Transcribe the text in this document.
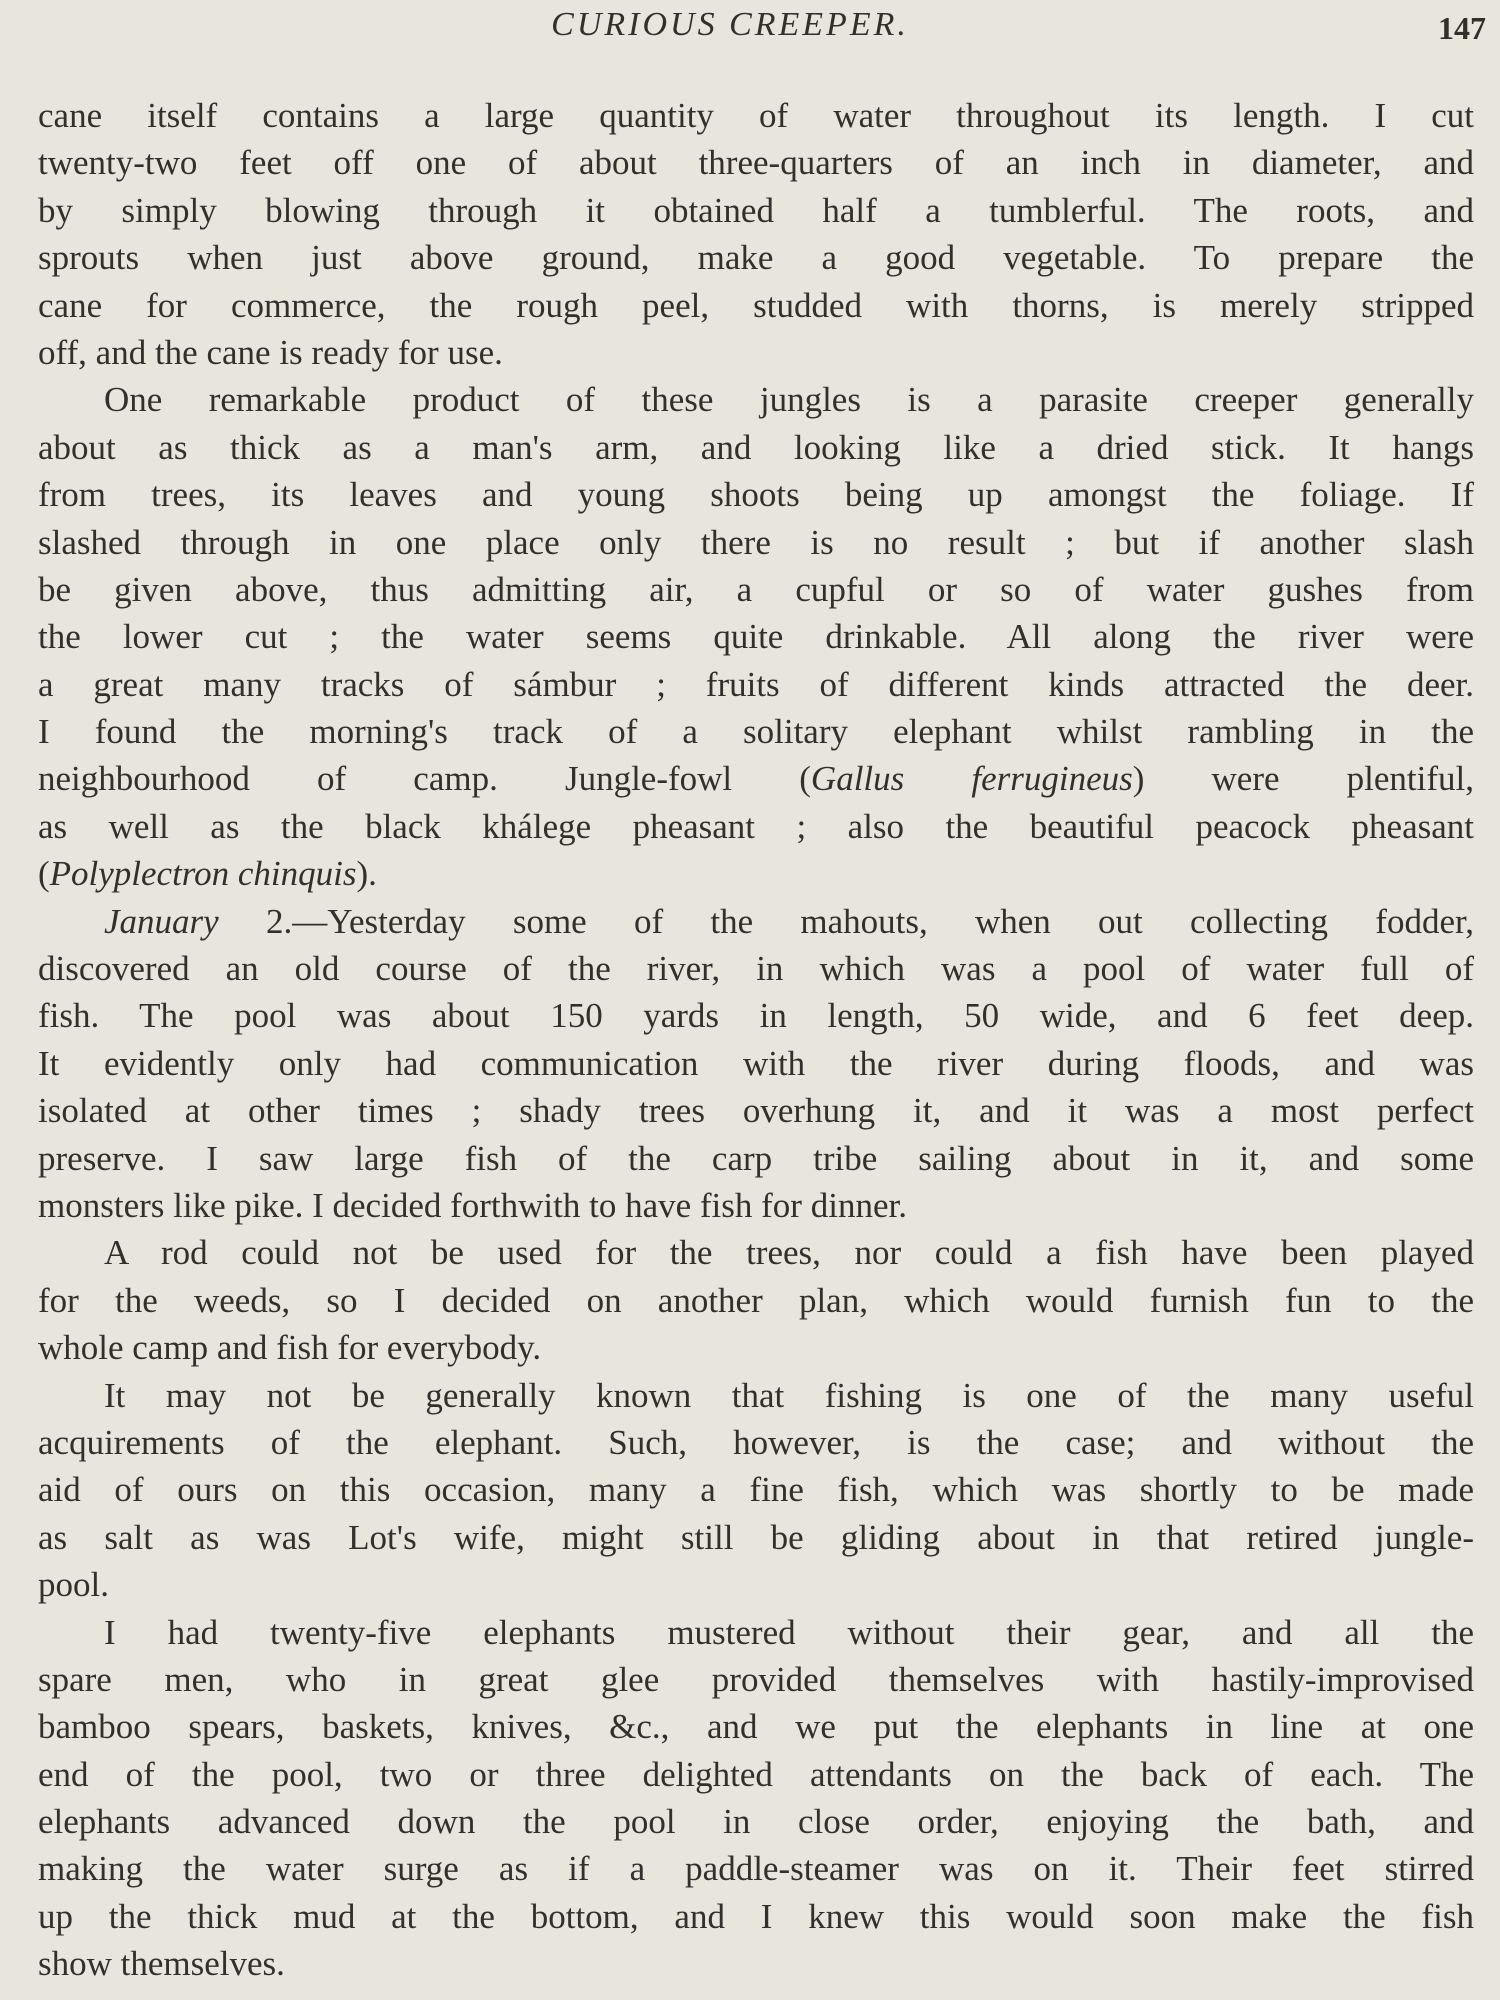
CURIOUS CREEPER.	147
cane itself contains a large quantity of water throughout its length. I cut
twenty-two feet off one of about three-quarters of an inch in diameter, and
by simply blowing through it obtained half a tumblerful. The roots, and
sprouts when just above ground, make a good vegetable. To prepare the
cane for commerce, the rough peel, studded with thorns, is merely stripped
off, and the cane is ready for use.
One remarkable product of these jungles is a parasite creeper generally
about as thick as a man's arm, and looking like a dried stick. It hangs
from trees, its leaves and young shoots being up amongst the foliage. If
slashed through in one place only there is no result ; but if another slash
be given above, thus admitting air, a cupful or so of water gushes from
the lower cut ; the water seems quite drinkable. All along the river were
a great many tracks of sámbur ; fruits of different kinds attracted the deer.
I found the morning's track of a solitary elephant whilst rambling in the
neighbourhood of camp. Jungle-fowl (Gallus ferrugineus) were plentiful,
as well as the black khálege pheasant ; also the beautiful peacock pheasant
(Polyplectron chinquis).
January 2.—Yesterday some of the mahouts, when out collecting fodder,
discovered an old course of the river, in which was a pool of water full of
fish. The pool was about 150 yards in length, 50 wide, and 6 feet deep.
It evidently only had communication with the river during floods, and was
isolated at other times ; shady trees overhung it, and it was a most perfect
preserve. I saw large fish of the carp tribe sailing about in it, and some
monsters like pike. I decided forthwith to have fish for dinner.
A rod could not be used for the trees, nor could a fish have been played
for the weeds, so I decided on another plan, which would furnish fun to the
whole camp and fish for everybody.
It may not be generally known that fishing is one of the many useful
acquirements of the elephant. Such, however, is the case; and without the
aid of ours on this occasion, many a fine fish, which was shortly to be made
as salt as was Lot's wife, might still be gliding about in that retired jungle-
pool.
I had twenty-five elephants mustered without their gear, and all the
spare men, who in great glee provided themselves with hastily-improvised
bamboo spears, baskets, knives, &c., and we put the elephants in line at one
end of the pool, two or three delighted attendants on the back of each. The
elephants advanced down the pool in close order, enjoying the bath, and
making the water surge as if a paddle-steamer was on it. Their feet stirred
up the thick mud at the bottom, and I knew this would soon make the fish
show themselves.
